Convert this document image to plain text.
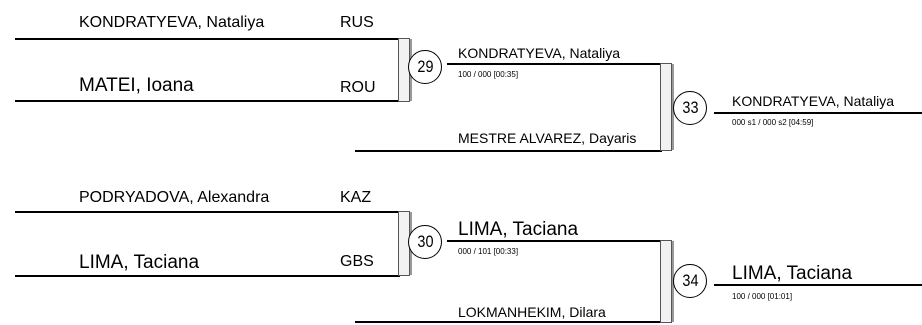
KONDRATYEVA, Nataliya	RUS
MATEI, Ioana	ROU
29
KONDRATYEVA, Nataliya
100 / 000 [00:35]
MESTRE ALVAREZ, Dayaris
33 KONDRATYEVA, Nataliya
000 s1 / 000 s2 [04:59]
PODRYADOVA, Alexandra	KAZ
LIMA, Taciana	GBS
30
LIMA, Taciana
000 / 101 [00:33]
LOKMANHEKIM, Dilara
34 LIMA, Taciana
100 / 000 [01:01]
